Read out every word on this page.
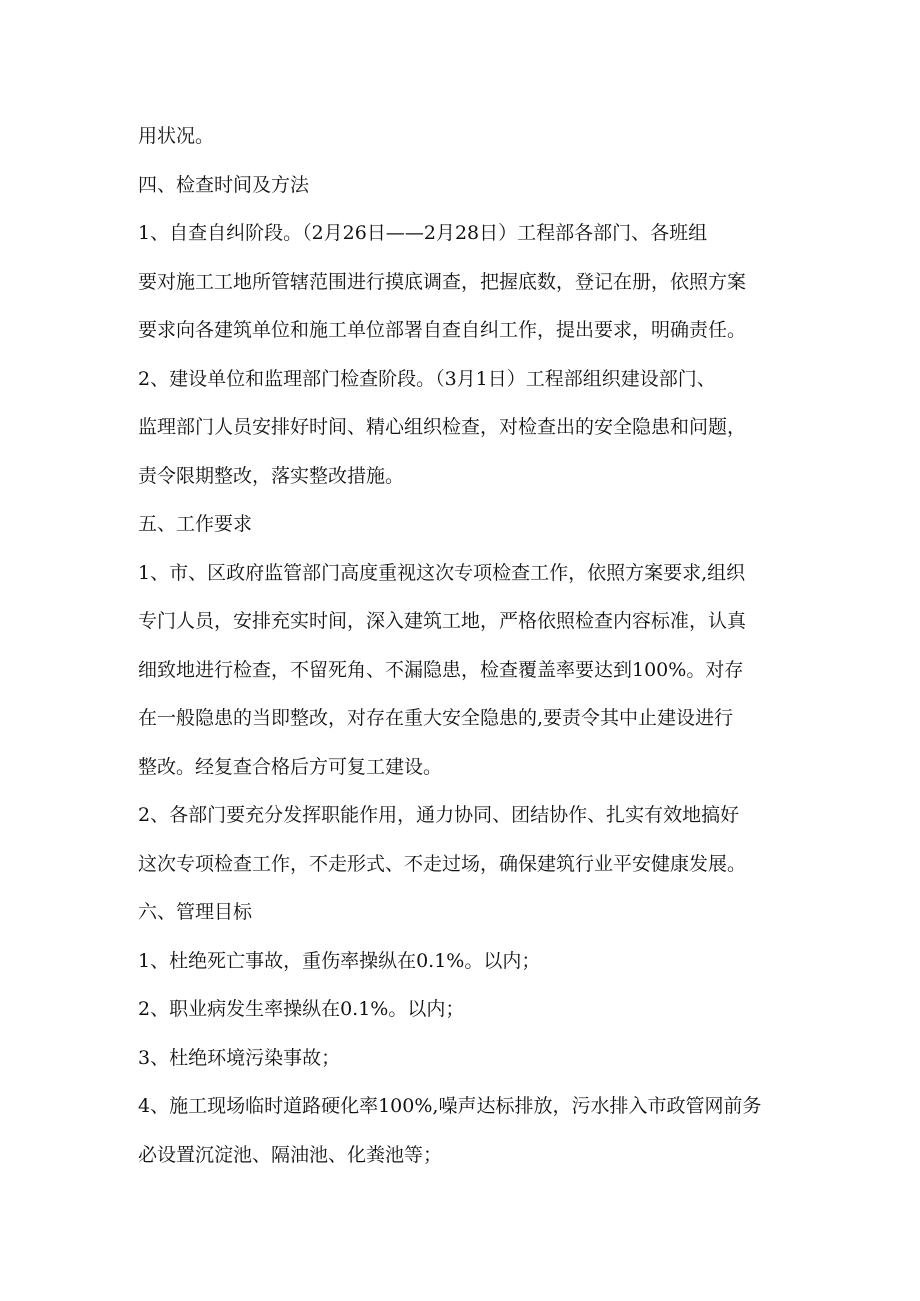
用状况。
四、检查时间及方法
1、自查自纠阶段。（2月26日——2月28日）工程部各部门、各班组
要对施工工地所管辖范围进行摸底调查，把握底数，登记在册，依照方案
要求向各建筑单位和施工单位部署自查自纠工作，提出要求，明确责任。
2、建设单位和监理部门检查阶段。（3月1日）工程部组织建设部门、
监理部门人员安排好时间、精心组织检查，对检查出的安全隐患和问题，
责令限期整改，落实整改措施。
五、工作要求
1、市、区政府监管部门高度重视这次专项检查工作，依照方案要求,组织
专门人员，安排充实时间，深入建筑工地，严格依照检查内容标准，认真
细致地进行检查，不留死角、不漏隐患，检查覆盖率要达到100%。对存
在一般隐患的当即整改，对存在重大安全隐患的,要责令其中止建设进行
整改。经复查合格后方可复工建设。
2、各部门要充分发挥职能作用，通力协同、团结协作、扎实有效地搞好
这次专项检查工作，不走形式、不走过场，确保建筑行业平安健康发展。
六、管理目标
1、杜绝死亡事故，重伤率操纵在0.1%。以内；
2、职业病发生率操纵在0.1%。以内；
3、杜绝环境污染事故；
4、施工现场临时道路硬化率100%,噪声达标排放，污水排入市政管网前务
必设置沉淀池、隔油池、化粪池等；
